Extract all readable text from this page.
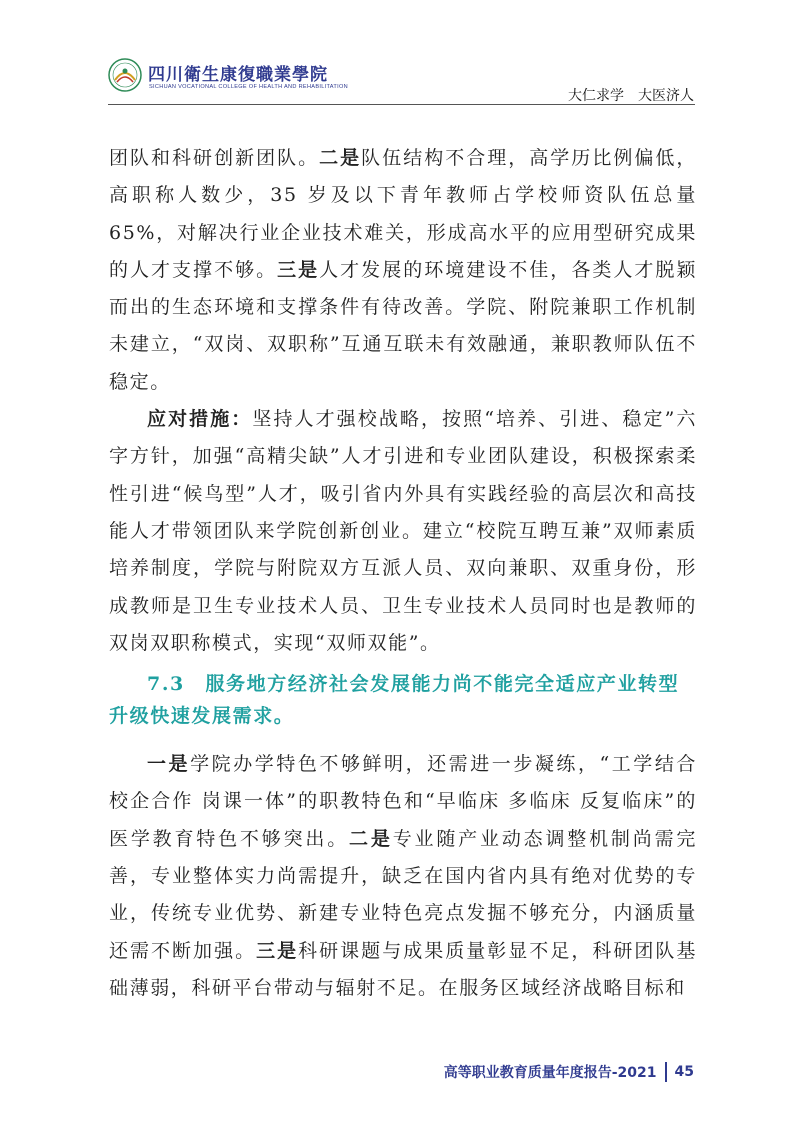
四川衛生康復職業學院
SICHUAN VOCATIONAL COLLEGE OF HEALTH AND REHABILITATION
大仁求学　大医济人

团队和科研创新团队。二是队伍结构不合理，高学历比例偏低，高职称人数少，35 岁及以下青年教师占学校师资队伍总量 65%，对解决行业企业技术难关，形成高水平的应用型研究成果的人才支撑不够。三是人才发展的环境建设不佳，各类人才脱颖而出的生态环境和支撑条件有待改善。学院、附院兼职工作机制未建立，“双岗、双职称”互通互联未有效融通，兼职教师队伍不稳定。

应对措施：坚持人才强校战略，按照“培养、引进、稳定”六字方针，加强“高精尖缺”人才引进和专业团队建设，积极探索柔性引进“候鸟型”人才，吸引省内外具有实践经验的高层次和高技能人才带领团队来学院创新创业。建立“校院互聘互兼”双师素质培养制度，学院与附院双方互派人员、双向兼职、双重身份，形成教师是卫生专业技术人员、卫生专业技术人员同时也是教师的双岗双职称模式，实现“双师双能”。

7.3　服务地方经济社会发展能力尚不能完全适应产业转型升级快速发展需求。

一是学院办学特色不够鲜明，还需进一步凝练，“工学结合 校企合作 岗课一体”的职教特色和“早临床 多临床 反复临床”的医学教育特色不够突出。二是专业随产业动态调整机制尚需完善，专业整体实力尚需提升，缺乏在国内省内具有绝对优势的专业，传统专业优势、新建专业特色亮点发掘不够充分，内涵质量还需不断加强。三是科研课题与成果质量彰显不足，科研团队基础薄弱，科研平台带动与辐射不足。在服务区域经济战略目标和

高等职业教育质量年度报告-2021 45
